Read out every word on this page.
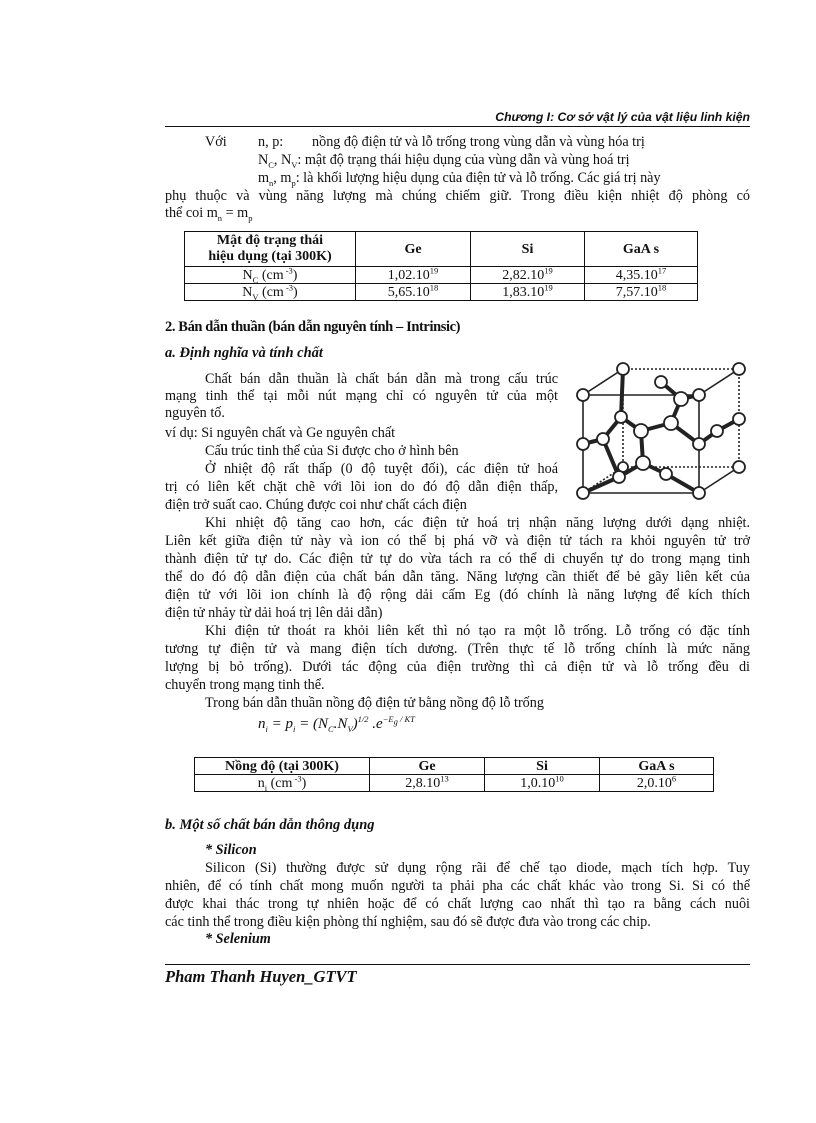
Chương I: Cơ sở vật lý của vật liệu linh kiện
Với n, p: nồng độ điện tử và lỗ trống trong vùng dẫn và vùng hóa trị
$N_C$, $N_V$: mật độ trạng thái hiệu dụng của vùng dẫn và vùng hoá trị
$m_n$, $m_p$: là khối lượng hiệu dụng của điện tử và lỗ trống. Các giá trị này
phụ thuộc và vùng năng lượng mà chúng chiếm giữ. Trong điều kiện nhiệt độ phòng có
thể coi $m_n = m_p$
Mật độ trạng thái
hiệu dụng (tại 300K)	Ge	Si	GaA s
$N_C$ (cm $^{-3}$)	1,02.10$^{19}$	2,82.10$^{19}$	4,35.10$^{17}$
$N_V$ (cm $^{-3}$)	5,65.10$^{18}$	1,83.10$^{19}$	7,57.10$^{18}$
2. Bán dẫn thuần (bán dẫn nguyên tính – Intrinsic)
a. Định nghĩa và tính chất
Chất bán dẫn thuần là chất bán dẫn mà trong cấu trúc
mạng tinh thể tại mỗi nút mạng chỉ có nguyên tử của một
nguyên tố.
ví dụ: Si nguyên chất và Ge nguyên chất
Cấu trúc tinh thể của Si được cho ở hình bên
Ở nhiệt độ rất thấp (0 độ tuyệt đối), các điện tử hoá
trị có liên kết chặt chẽ với lõi ion do đó độ dẫn điện thấp,
điện trở suất cao. Chúng được coi như chất cách điện
Khi nhiệt độ tăng cao hơn, các điện tử hoá trị nhận năng lượng dưới dạng nhiệt.
Liên kết giữa điện tử này và ion có thể bị phá vỡ và điện tử tách ra khỏi nguyên tử trở
thành điện tử tự do. Các điện tử tự do vừa tách ra có thể di chuyển tự do trong mạng tinh
thể do đó độ dẫn điện của chất bán dẫn tăng. Năng lượng cần thiết để bẻ gãy liên kết của
điện tử với lõi ion chính là độ rộng dải cấm Eg (đó chính là năng lượng để kích thích
điện tử nhảy từ dải hoá trị lên dải dẫn)
Khi điện tử thoát ra khỏi liên kết thì nó tạo ra một lỗ trống. Lỗ trống có đặc tính
tương tự điện tử và mang điện tích dương. (Trên thực tế lỗ trống chính là mức năng
lượng bị bỏ trống). Dưới tác động của điện trường thì cả điện tử và lỗ trống đều di
chuyển trong mạng tinh thể.
Trong bán dẫn thuần nồng độ điện tử bằng nồng độ lỗ trống
$n_i = p_i = (N_C.N_V)^{1/2}$ $.e^{-E_g / KT}$
Nồng độ (tại 300K)	Ge	Si	GaA s
$n_i$ (cm $^{-3}$)	2,8.10$^{13}$	1,0.10$^{10}$	2,0.10$^6$
b. Một số chất bán dẫn thông dụng
* Silicon
Silicon (Si) thường được sử dụng rộng rãi để chế tạo diode, mạch tích hợp. Tuy
nhiên, để có tính chất mong muốn người ta phải pha các chất khác vào trong Si. Si có thể
được khai thác trong tự nhiên hoặc để có chất lượng cao nhất thì tạo ra bằng cách nuôi
các tinh thể trong điều kiện phòng thí nghiệm, sau đó sẽ được đưa vào trong các chip.
* Selenium
Pham Thanh Huyen_GTVT
